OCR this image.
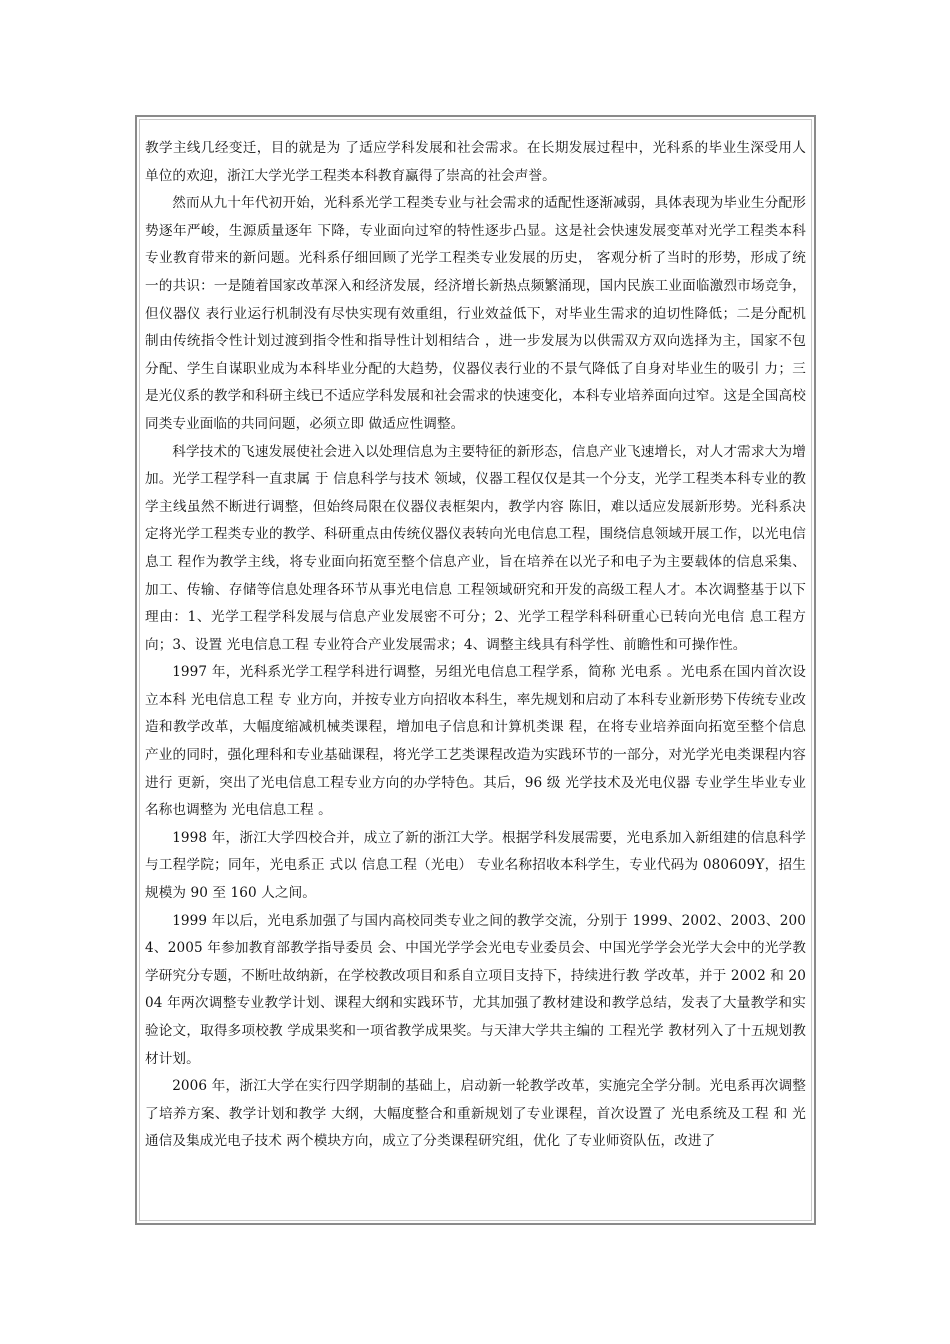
教学主线几经变迁，目的就是为 了适应学科发展和社会需求。在长期发展过程中，光科系的毕业生深受用人单位的欢迎，浙江大学光学工程类本科教育赢得了崇高的社会声誉。

然而从九十年代初开始，光科系光学工程类专业与社会需求的适配性逐渐减弱，具体表现为毕业生分配形势逐年严峻，生源质量逐年 下降，专业面向过窄的特性逐步凸显。这是社会快速发展变革对光学工程类本科专业教育带来的新问题。光科系仔细回顾了光学工程类专业发展的历史， 客观分析了当时的形势，形成了统一的共识：一是随着国家改革深入和经济发展，经济增长新热点频繁涌现，国内民族工业面临激烈市场竞争，但仪器仪 表行业运行机制没有尽快实现有效重组，行业效益低下，对毕业生需求的迫切性降低；二是分配机制由传统指令性计划过渡到指令性和指导性计划相结合 ，进一步发展为以供需双方双向选择为主，国家不包分配、学生自谋职业成为本科毕业分配的大趋势，仪器仪表行业的不景气降低了自身对毕业生的吸引 力；三是光仪系的教学和科研主线已不适应学科发展和社会需求的快速变化，本科专业培养面向过窄。这是全国高校同类专业面临的共同问题，必须立即 做适应性调整。

科学技术的飞速发展使社会进入以处理信息为主要特征的新形态，信息产业飞速增长，对人才需求大为增加。光学工程学科一直隶属 于 信息科学与技术 领域，仪器工程仅仅是其一个分支，光学工程类本科专业的教学主线虽然不断进行调整，但始终局限在仪器仪表框架内，教学内容 陈旧，难以适应发展新形势。光科系决定将光学工程类专业的教学、科研重点由传统仪器仪表转向光电信息工程，围绕信息领域开展工作，以光电信息工 程作为教学主线，将专业面向拓宽至整个信息产业，旨在培养在以光子和电子为主要载体的信息采集、加工、传输、存储等信息处理各环节从事光电信息 工程领域研究和开发的高级工程人才。本次调整基于以下理由：1、光学工程学科发展与信息产业发展密不可分；2、光学工程学科科研重心已转向光电信 息工程方向；3、设置 光电信息工程 专业符合产业发展需求；4、调整主线具有科学性、前瞻性和可操作性。

1997 年，光科系光学工程学科进行调整，另组光电信息工程学系，简称 光电系 。光电系在国内首次设立本科 光电信息工程 专 业方向，并按专业方向招收本科生，率先规划和启动了本科专业新形势下传统专业改造和教学改革，大幅度缩减机械类课程，增加电子信息和计算机类课 程，在将专业培养面向拓宽至整个信息产业的同时，强化理科和专业基础课程，将光学工艺类课程改造为实践环节的一部分，对光学光电类课程内容进行 更新，突出了光电信息工程专业方向的办学特色。其后，96 级 光学技术及光电仪器 专业学生毕业专业名称也调整为 光电信息工程 。

1998 年，浙江大学四校合并，成立了新的浙江大学。根据学科发展需要，光电系加入新组建的信息科学与工程学院；同年，光电系正 式以 信息工程（光电） 专业名称招收本科学生，专业代码为 080609Y，招生规模为 90 至 160 人之间。

1999 年以后，光电系加强了与国内高校同类专业之间的教学交流，分别于 1999、2002、2003、2004、2005 年参加教育部教学指导委员 会、中国光学学会光电专业委员会、中国光学学会光学大会中的光学教学研究分专题，不断吐故纳新，在学校教改项目和系自立项目支持下，持续进行教 学改革，并于 2002 和 2004 年两次调整专业教学计划、课程大纲和实践环节，尤其加强了教材建设和教学总结，发表了大量教学和实验论文，取得多项校教 学成果奖和一项省教学成果奖。与天津大学共主编的 工程光学 教材列入了十五规划教材计划。

2006 年，浙江大学在实行四学期制的基础上，启动新一轮教学改革，实施完全学分制。光电系再次调整了培养方案、教学计划和教学 大纲，大幅度整合和重新规划了专业课程，首次设置了 光电系统及工程 和 光通信及集成光电子技术 两个模块方向，成立了分类课程研究组，优化 了专业师资队伍，改进了
